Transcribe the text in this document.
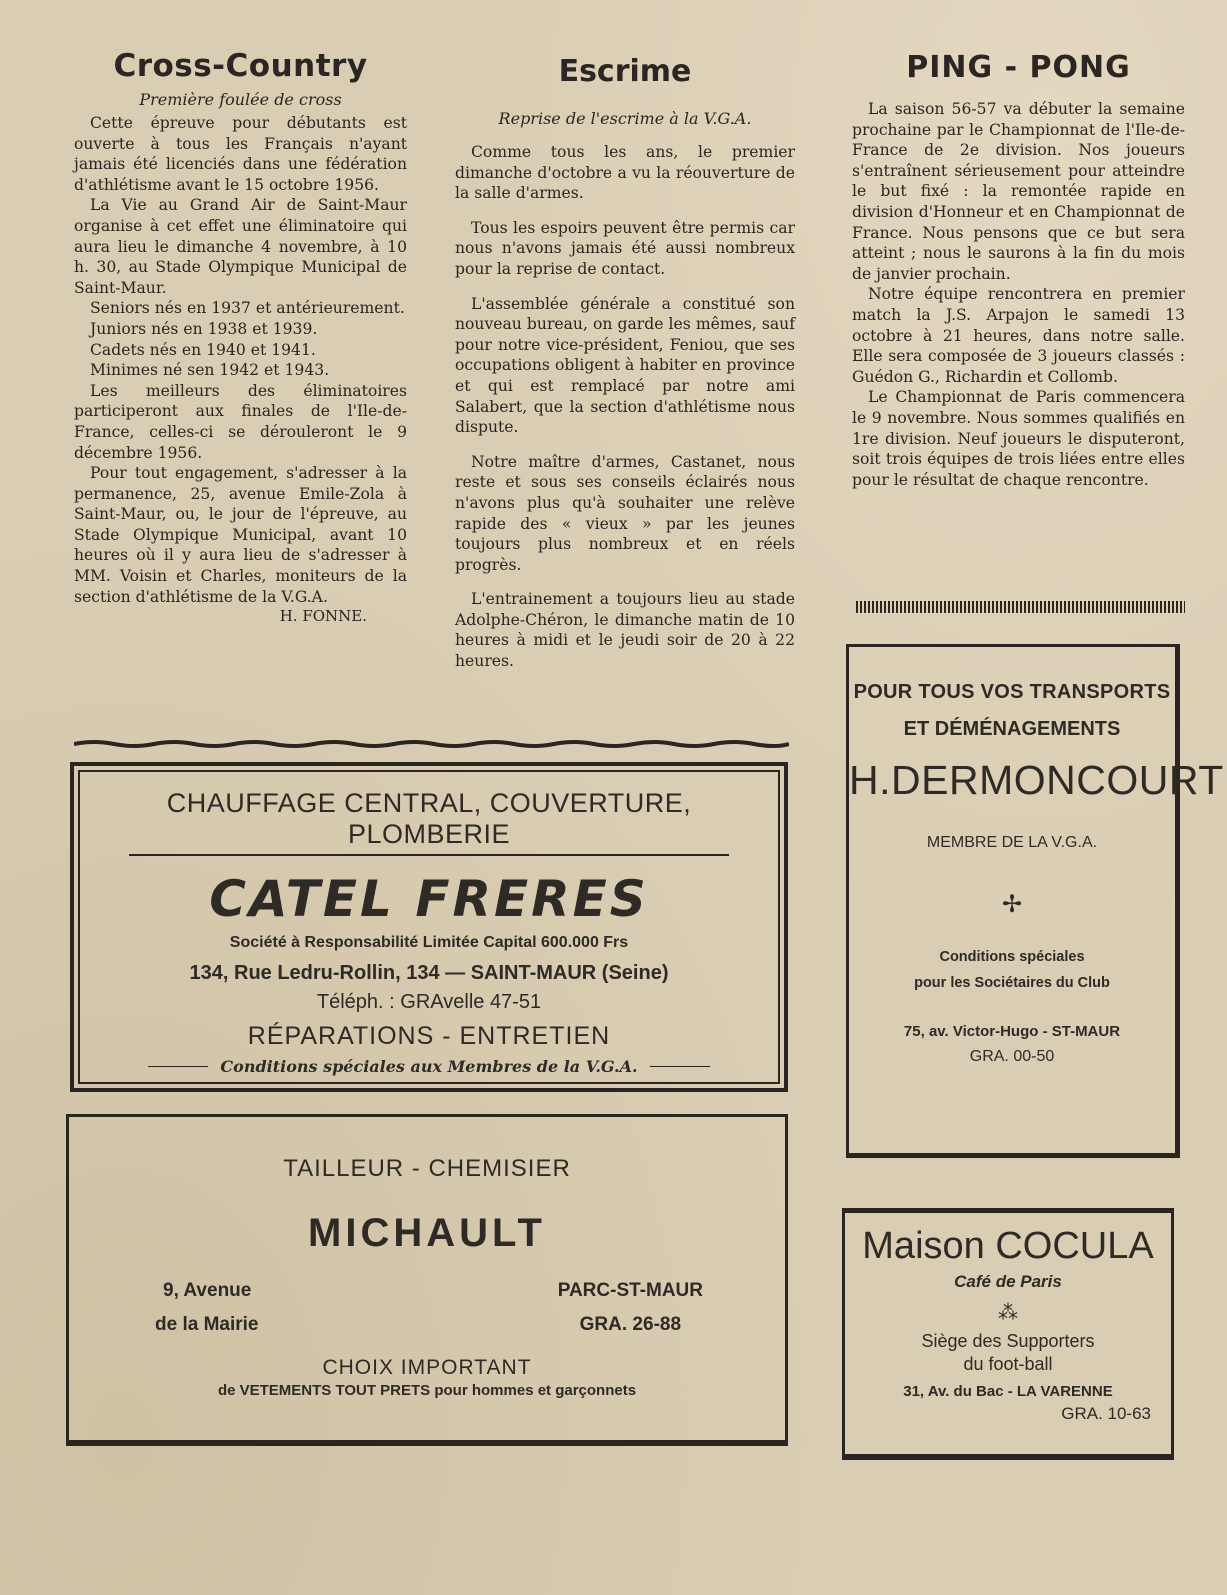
Cross-Country
Première foulée de cross

Cette épreuve pour débutants est ouverte à tous les Français n'ayant jamais été licenciés dans une fédération d'athlétisme avant le 15 octobre 1956.

La Vie au Grand Air de Saint-Maur organise à cet effet une éliminatoire qui aura lieu le dimanche 4 novembre, à 10 h. 30, au Stade Olympique Municipal de Saint-Maur.

Seniors nés en 1937 et antérieurement.

Juniors nés en 1938 et 1939.

Cadets nés en 1940 et 1941.

Minimes né sen 1942 et 1943.

Les meilleurs des éliminatoires participeront aux finales de l'Ile-de-France, celles-ci se dérouleront le 9 décembre 1956.

Pour tout engagement, s'adresser à la permanence, 25, avenue Emile-Zola à Saint-Maur, ou, le jour de l'épreuve, au Stade Olympique Municipal, avant 10 heures où il y aura lieu de s'adresser à MM. Voisin et Charles, moniteurs de la section d'athlétisme de la V.G.A.

H. FONNE.
Escrime
Reprise de l'escrime à la V.G.A.

Comme tous les ans, le premier dimanche d'octobre a vu la réouverture de la salle d'armes.

Tous les espoirs peuvent être permis car nous n'avons jamais été aussi nombreux pour la reprise de contact.

L'assemblée générale a constitué son nouveau bureau, on garde les mêmes, sauf pour notre vice-président, Feniou, que ses occupations obligent à habiter en province et qui est remplacé par notre ami Salabert, que la section d'athlétisme nous dispute.

Notre maître d'armes, Castanet, nous reste et sous ses conseils éclairés nous n'avons plus qu'à souhaiter une relève rapide des « vieux » par les jeunes toujours plus nombreux et en réels progrès.

L'entrainement a toujours lieu au stade Adolphe-Chéron, le dimanche matin de 10 heures à midi et le jeudi soir de 20 à 22 heures.

PING - PONG

La saison 56-57 va débuter la semaine prochaine par le Championnat de l'Ile-de-France de 2e division. Nos joueurs s'entraînent sérieusement pour atteindre le but fixé : la remontée rapide en division d'Honneur et en Championnat de France. Nous pensons que ce but sera atteint ; nous le saurons à la fin du mois de janvier prochain.

Notre équipe rencontrera en premier match la J.S. Arpajon le samedi 13 octobre à 21 heures, dans notre salle. Elle sera composée de 3 joueurs classés : Guédon G., Richardin et Collomb.

Le Championnat de Paris commencera le 9 novembre. Nous sommes qualifiés en 1re division. Neuf joueurs le disputeront, soit trois équipes de trois liées entre elles pour le résultat de chaque rencontre.

CHAUFFAGE CENTRAL, COUVERTURE, PLOMBERIE
CATEL FRERES
Société à Responsabilité Limitée Capital 600.000 Frs
134, Rue Ledru-Rollin, 134 — SAINT-MAUR (Seine)
Téléph. : GRAvelle 47-51
RÉPARATIONS - ENTRETIEN
Conditions spéciales aux Membres de la V.G.A.
TAILLEUR - CHEMISIER
MICHAULT
9, Avenue
de la Mairie
PARC-ST-MAUR
GRA. 26-88
CHOIX IMPORTANT
de VETEMENTS TOUT PRETS pour hommes et garçonnets
POUR TOUS VOS TRANSPORTS
ET DÉMÉNAGEMENTS
H.DERMONCOURT
MEMBRE DE LA V.G.A.
✢
Conditions spéciales
pour les Sociétaires du Club
75, av. Victor-Hugo - ST-MAUR
GRA. 00-50
Maison COCULA
Café de Paris
⁂
Siège des Supporters
du foot-ball
31, Av. du Bac - LA VARENNE
GRA. 10-63
